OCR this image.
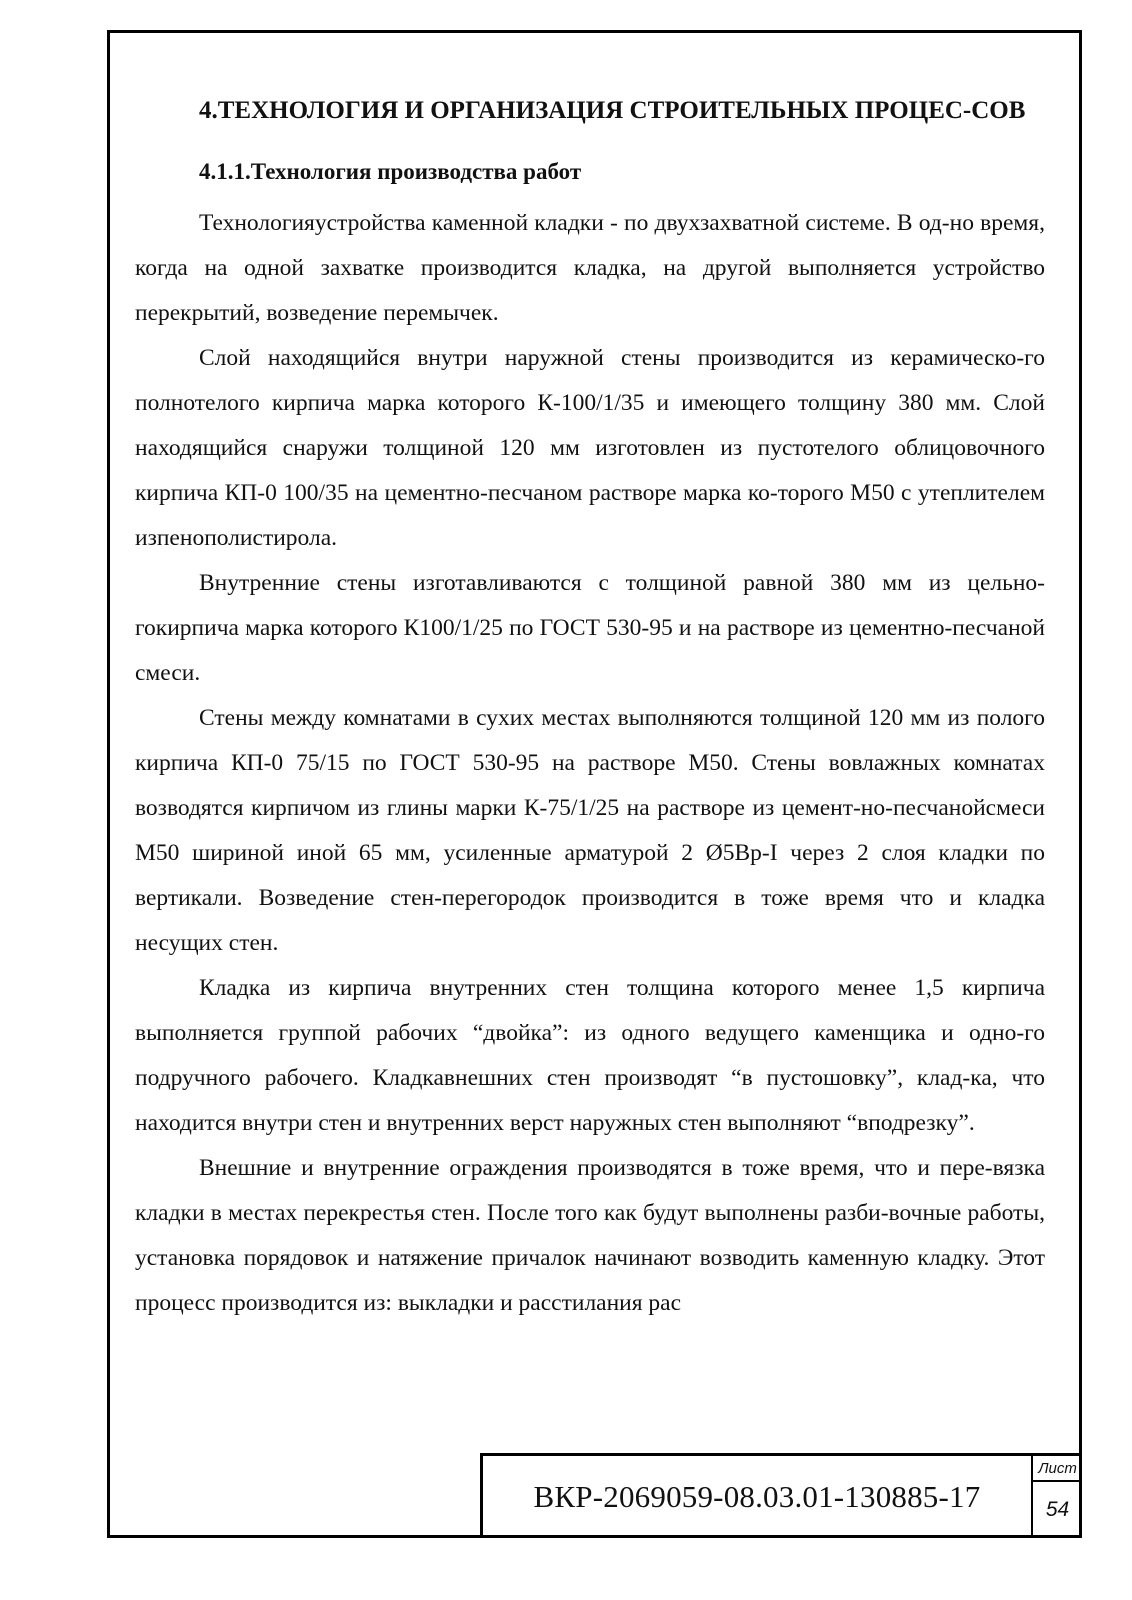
4.ТЕХНОЛОГИЯ И ОРГАНИЗАЦИЯ СТРОИТЕЛЬНЫХ ПРОЦЕС-СОВ
4.1.1.Технология производства работ

Технологияустройства каменной кладки - по двухзахватной системе. В од-но время, когда на одной захватке производится кладка, на другой выполняется устройство перекрытий, возведение перемычек.

Слой находящийся внутри наружной стены производится из керамическо-го полнотелого кирпича марка которого К-100/1/35 и имеющего толщину 380 мм. Слой находящийся снаружи толщиной 120 мм изготовлен из пустотелого облицовочного кирпича КП-0 100/35 на цементно-песчаном растворе марка ко-торого М50 с утеплителем изпенополистирола.

Внутренние стены изготавливаются с толщиной равной 380 мм из цельно-гокирпича марка которого К100/1/25 по ГОСТ 530-95 и на растворе из цементно-песчаной смеси.

Стены между комнатами в сухих местах выполняются толщиной 120 мм из полого кирпича КП-0 75/15 по ГОСТ 530-95 на растворе М50. Стены вовлажных комнатах возводятся кирпичом из глины марки К-75/1/25 на растворе из цемент-но-песчанойсмеси М50 шириной иной 65 мм, усиленные арматурой 2 Ø5Вр-I через 2 слоя кладки по вертикали. Возведение стен-перегородок производится в тоже время что и кладка несущих стен.

Кладка из кирпича внутренних стен толщина которого менее 1,5 кирпича выполняется группой рабочих “двойка”: из одного ведущего каменщика и одно-го подручного рабочего. Кладкавнешних стен производят “в пустошовку”, клад-ка, что находится внутри стен и внутренних верст наружных стен выполняют “вподрезку”.

Внешние и внутренние ограждения производятся в тоже время, что и пере-вязка кладки в местах перекрестья стен. После того как будут выполнены разби-вочные работы, установка порядовок и натяжение причалок начинают возводить каменную кладку. Этот процесс производится из: выкладки и расстилания рас

ВКР-2069059-08.03.01-130885-17
Лист
54
